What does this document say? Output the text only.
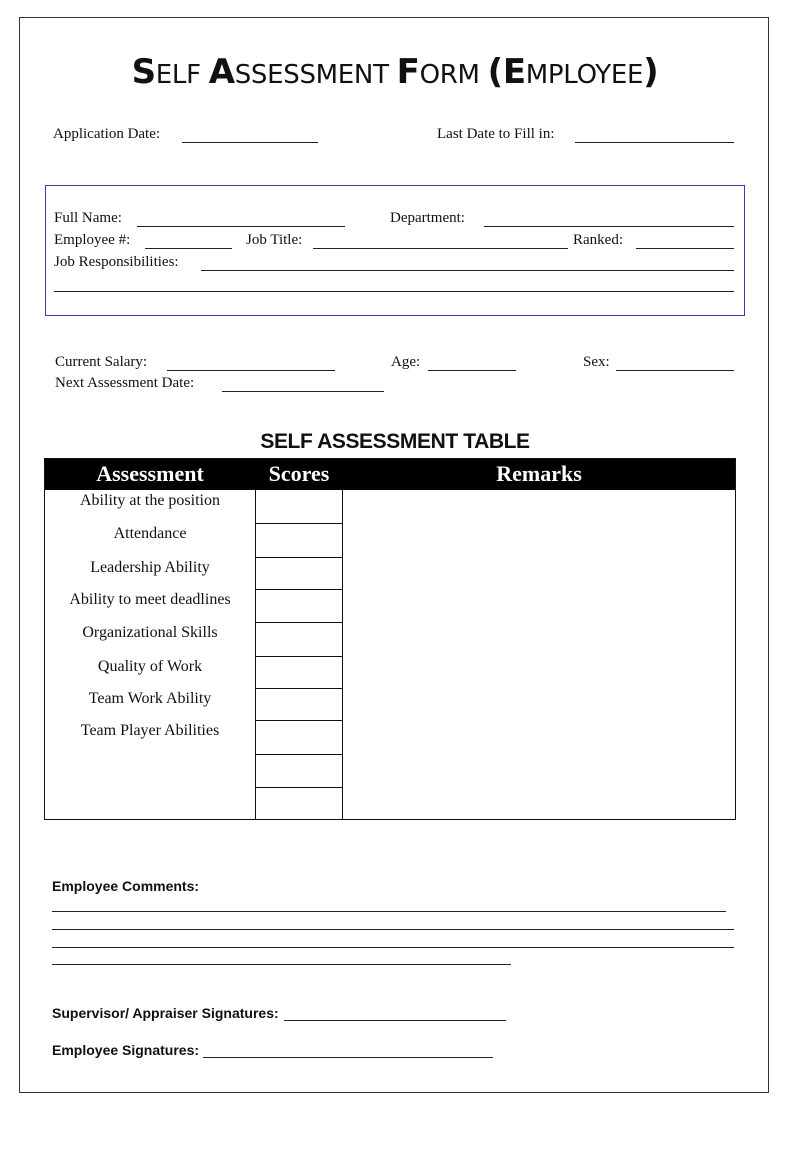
SELF ASSESSMENT FORM (EMPLOYEE)
Application Date:	Last Date to Fill in:
Full Name:	Department:
Employee #:	Job Title:	Ranked:
Job Responsibilities:
Current Salary:	Age:	Sex:
Next Assessment Date:
SELF ASSESSMENT TABLE
Assessment	Scores	Remarks
Ability at the position
Attendance
Leadership Ability
Ability to meet deadlines
Organizational Skills
Quality of Work
Team Work Ability
Team Player Abilities
Employee Comments:
Supervisor/ Appraiser Signatures:
Employee Signatures:
